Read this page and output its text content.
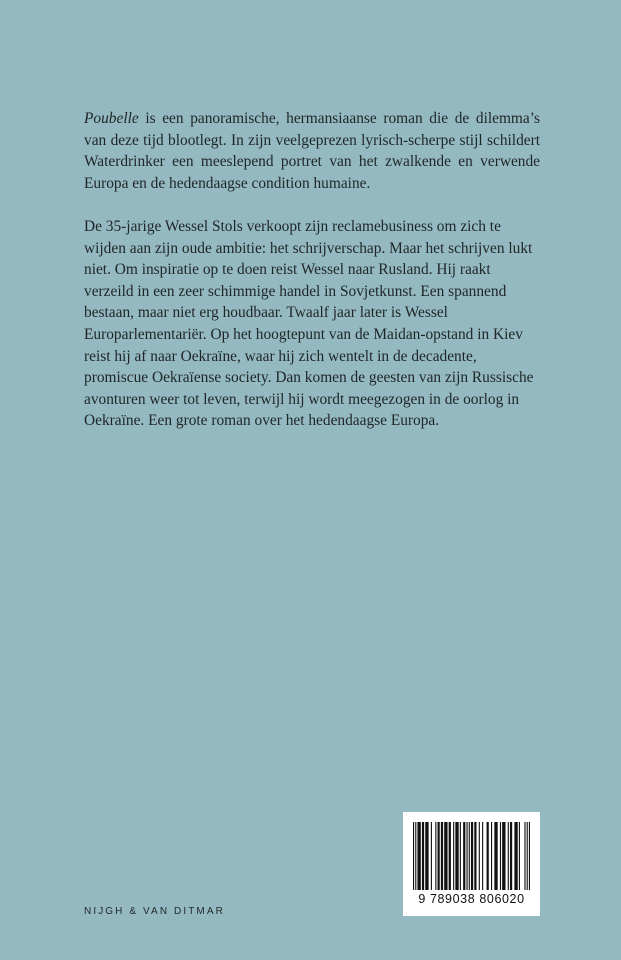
Poubelle is een panoramische, hermansiaanse roman die de dilemma’s van deze tijd blootlegt. In zijn veelgeprezen lyrisch-scherpe stijl schildert Waterdrinker een meeslepend portret van het zwalkende en verwende Europa en de hedendaagse condition humaine.

De 35-jarige Wessel Stols verkoopt zijn reclamebusiness om zich te wijden aan zijn oude ambitie: het schrijverschap. Maar het schrijven lukt niet. Om inspiratie op te doen reist Wessel naar Rusland. Hij raakt verzeild in een zeer schimmige handel in Sovjetkunst. Een spannend bestaan, maar niet erg houdbaar. Twaalf jaar later is Wessel Europarlementariër. Op het hoogtepunt van de Maidan-opstand in Kiev reist hij af naar Oekraïne, waar hij zich wentelt in de decadente, promiscue Oekraïense society. Dan komen de geesten van zijn Russische avonturen weer tot leven, terwijl hij wordt meegezogen in de oorlog in Oekraïne. Een grote roman over het hedendaagse Europa.

NIJGH & VAN DITMAR
9 789038 806020
